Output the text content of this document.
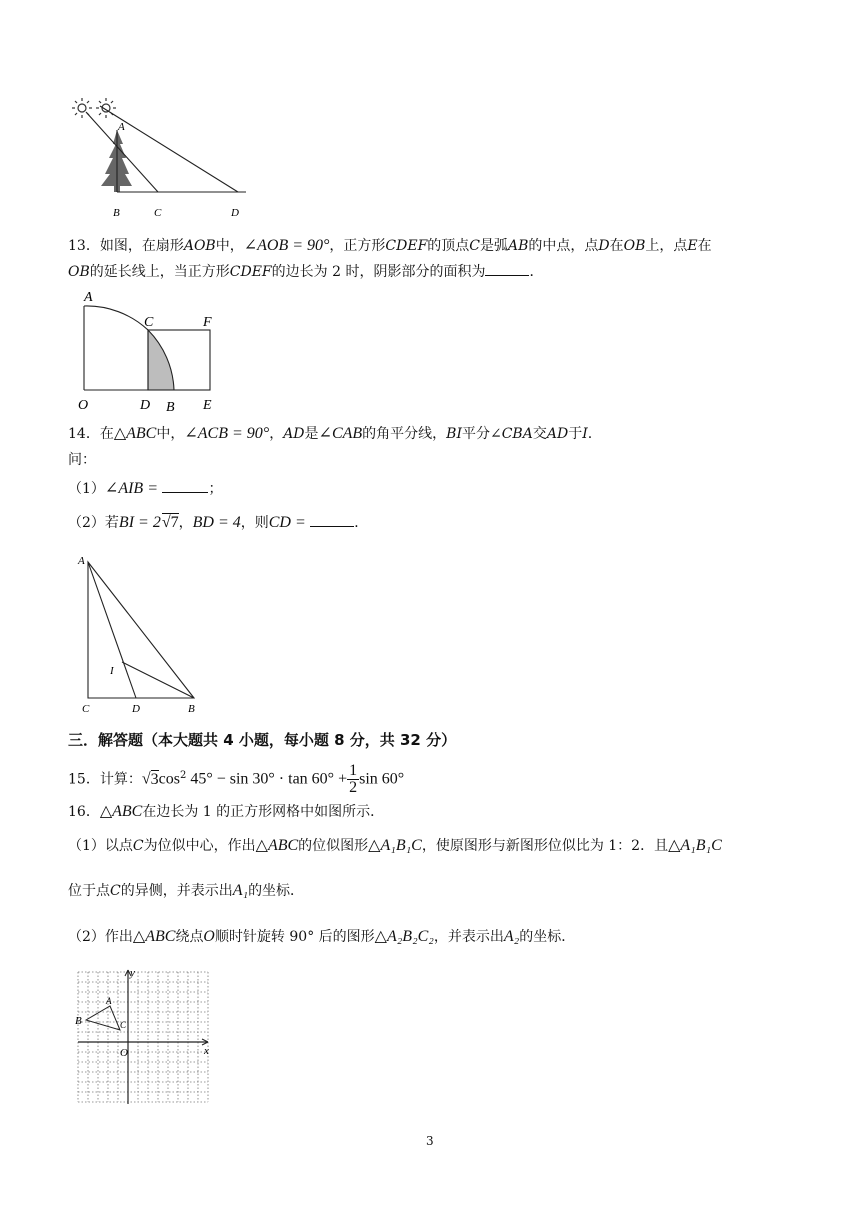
A
B	C	D
13．如图，在扇形AOB中，∠AOB = 90°，正方形CDEF的顶点C是弧AB的中点，点D在OB上，点E在
OB的延长线上，当正方形CDEF的边长为 2 时，阴影部分的面积为	．
A
C	F
O	D B E
14．在△ABC中，∠ACB = 90°，AD是∠CAB的角平分线，BI平分∠CBA交AD于I.
问：
（1）∠AIB =	；
（2）若BI = 2√7，BD = 4，则CD =	．
A
I
C	D	B
三．解答题（本大题共 4 小题，每小题 8 分，共 32 分）
15．计算：$√3\cos^2$ $45^\circ - \sin 30^\circ \cdot \tan 60^\circ + \frac{1}{2}$ sin 60°
16．△ABC在边长为 1 的正方形网格中如图所示．
（1）以点C为位似中心，作出△ABC的位似图形△A₁B₁C，使原图形与新图形位似比为 1：2．且△A₁B₁C
位于点C的异侧，并表示出A₁的坐标．
（2）作出△ABC绕点O顺时针旋转 90° 后的图形△A₂B₂C₂，并表示出A₂的坐标．
y
x
O
A
B	C
3
